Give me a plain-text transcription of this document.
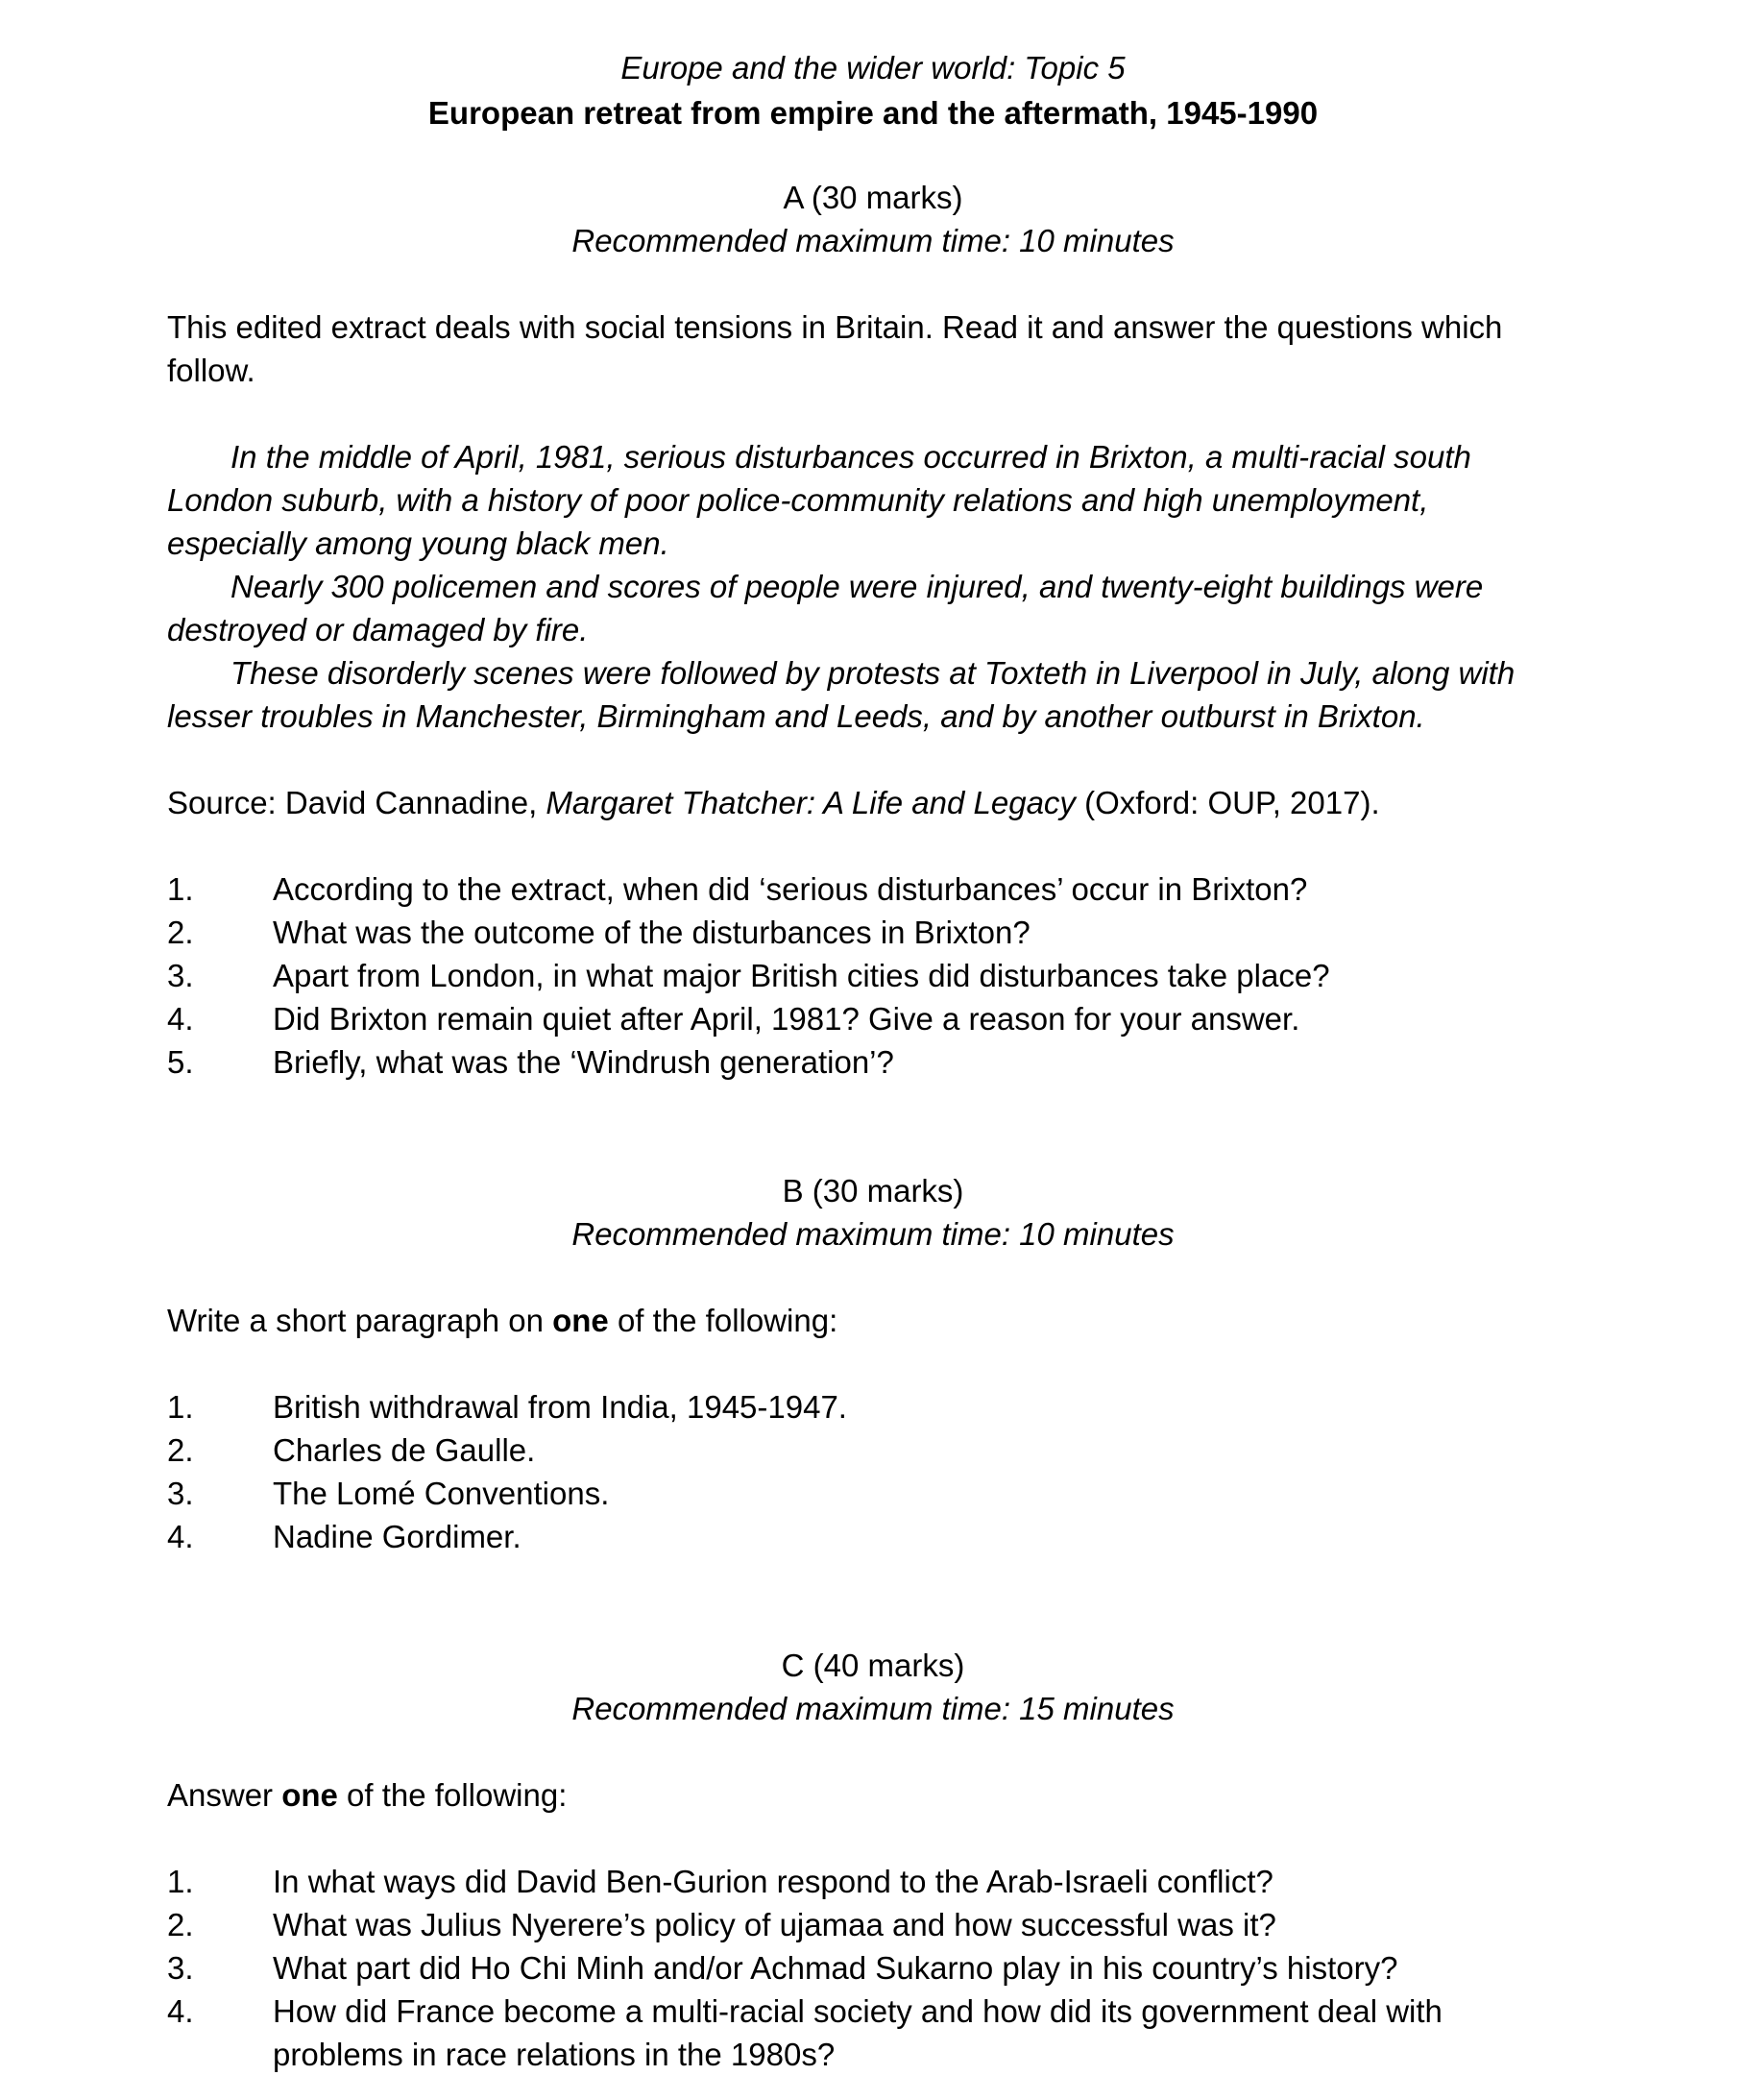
Europe and the wider world: Topic 5
European retreat from empire and the aftermath, 1945-1990
A (30 marks)
Recommended maximum time: 10 minutes
This edited extract deals with social tensions in Britain. Read it and answer the questions which
follow.
In the middle of April, 1981, serious disturbances occurred in Brixton, a multi-racial south
London suburb, with a history of poor police-community relations and high unemployment,
especially among young black men.
Nearly 300 policemen and scores of people were injured, and twenty-eight buildings were
destroyed or damaged by fire.
These disorderly scenes were followed by protests at Toxteth in Liverpool in July, along with
lesser troubles in Manchester, Birmingham and Leeds, and by another outburst in Brixton.
Source: David Cannadine, Margaret Thatcher: A Life and Legacy (Oxford: OUP, 2017).
1. According to the extract, when did ‘serious disturbances’ occur in Brixton?
2. What was the outcome of the disturbances in Brixton?
3. Apart from London, in what major British cities did disturbances take place?
4. Did Brixton remain quiet after April, 1981? Give a reason for your answer.
5. Briefly, what was the ‘Windrush generation’?
B (30 marks)
Recommended maximum time: 10 minutes
Write a short paragraph on one of the following:
1. British withdrawal from India, 1945-1947.
2. Charles de Gaulle.
3. The Lomé Conventions.
4. Nadine Gordimer.
C (40 marks)
Recommended maximum time: 15 minutes
Answer one of the following:
1. In what ways did David Ben-Gurion respond to the Arab-Israeli conflict?
2. What was Julius Nyerere’s policy of ujamaa and how successful was it?
3. What part did Ho Chi Minh and/or Achmad Sukarno play in his country’s history?
4. How did France become a multi-racial society and how did its government deal with
problems in race relations in the 1980s?
